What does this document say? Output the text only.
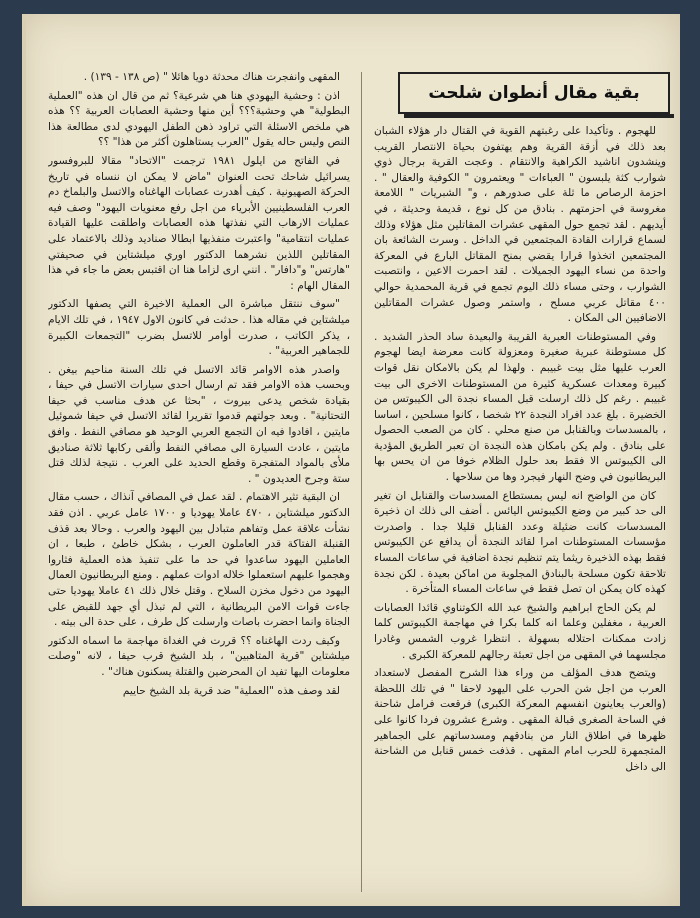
بقية مقال أنطوان شلحت

للهجوم . وتأكيدا على رغبتهم القوية في القتال دار هؤلاء الشبان بعد ذلك في أزقة القرية وهم يهتفون بحياة الانتصار القريب وينشدون اناشيد الكراهية والانتقام . وعجت القرية برجال ذوي شوارب كثة يلبسون " العباءات " ويعتمرون " الكوفية والعقال " . احزمة الرصاص ما ثلة على صدورهم ، و" الشبريات " اللامعة مغروسة في احزمتهم . بنادق من كل نوع ، قديمة وحديثة ، في أيديهم . لقد تجمع حول المقهى عشرات المقاتلين مثل هؤلاء وذلك لسماع قرارات القادة المجتمعين في الداخل . وسرت الشائعة بان المجتمعين اتخذوا قرارا يقضي بمنح المقاتل البارع في المعركة واحدة من نساء اليهود الجميلات . لقد احمرت الاعين ، وانتصبت الشوارب ، وحتى مساء ذلك اليوم تجمع في قرية المحمدية حوالي ٤٠٠ مقاتل عربي مسلح ، واستمر وصول عشرات المقاتلين الاضافيين الى المكان .

وفي المستوطنات العبرية القريبة والبعيدة ساد الحذر الشديد . كل مستوطنة عبرية صغيرة ومعزولة كانت معرضة ايضا لهجوم العرب عليها مثل بيت غبيبم . ولهذا لم يكن بالامكان نقل قوات كبيرة ومعدات عسكرية كثيرة من المستوطنات الاخرى الى بيت غبيبم . رغم كل ذلك ارسلت قبل المساء نجدة الى الكيبوتس من الخضيرة . بلغ عدد افراد النجدة ٢٢ شخصا ، كانوا مسلحين ، اساسا ، بالمسدسات وبالقنابل من صنع محلي . كان من الصعب الحصول على بنادق . ولم يكن بامكان هذه النجدة ان تعبر الطريق المؤدية الى الكيبوتس الا فقط بعد حلول الظلام خوفا من ان يحس بها البريطانيون في وضح النهار فيجرد وها من سلاحها .

كان من الواضح انه ليس بمستطاع المسدسات والقنابل ان تغير الى حد كبير من وضع الكيبوتس اليائس . أضف الى ذلك ان ذخيرة المسدسات كانت ضئيلة وعدد القنابل قليلا جدا . واصدرت مؤسسات المستوطنات امرا لقائد النجدة أن يدافع عن الكيبوتس فقط بهذه الذخيرة ريثما يتم تنظيم نجدة اضافية في ساعات المساء تلاحقة تكون مسلحة بالبنادق المجلوبة من اماكن بعيدة . لكن نجدة كهذه كان يمكن ان تصل فقط في ساعات المساء المتأخرة .

لم يكن الحاج ابراهيم والشيخ عبد الله الكوتناوي قائدا العصابات العربية ، مغفلين وعلما انه كلما بكرا في مهاجمة الكيبوتس كلما زادت ممكنات احتلاله بسهولة . انتظرا غروب الشمس وغادرا مجلسهما في المقهى من اجل تعبئة رجالهم للمعركة الكبرى .

ويتضح هدف المؤلف من وراء هذا الشرح المفصل لاستعداد العرب من اجل شن الحرب على اليهود لاحقا " في تلك اللحظة (والعرب يعاينون انفسهم المعركة الكبرى) فرقعت فرامل شاحنة في الساحة الصغرى قبالة المقهى . وشرع عشرون فردا كانوا على ظهرها في اطلاق النار من بنادقهم ومسدساتهم على الجماهير المتجمهرة للحرب امام المقهى . قذفت خمس قنابل من الشاحنة الى داخل

المقهى وانفجرت هناك محدثة دويا هائلا " (ص ١٣٨ - ١٣٩) .

اذن : وحشية اليهودي هنا هي شرعية؟ ثم من قال ان هذه "العملية البطولية" هي وحشية؟؟؟ أين منها وحشية العصابات العربية ؟؟ هذه هي ملخص الاسئلة التي تراود ذهن الطفل اليهودي لدى مطالعة هذا النص وليس حاله يقول "العرب يستاهلون أكثر من هذا" ؟؟

في الفاتح من ايلول ١٩٨١ ترجمت "الاتحاد" مقالا للبروفسور يسرائيل شاحك تحت العنوان "ماض لا يمكن ان ننساه في تاريخ الحركة الصهيونية . كيف أهدرت عصابات الهاغناه والاتسل والبلماخ دم العرب الفلسطينيين الأبرياء من اجل رفع معنويات اليهود" وصف فيه عمليات الارهاب التي نفذتها هذه العصابات واطلقت عليها القيادة عمليات انتقامية" واعتبرت منفذيها ابطالا صناديد وذلك بالاعتماد على المقاتلين اللذين نشرهما الدكتور اوري ميلشتاين في صحيفتي "هارتس" و"دافار" . انني ارى لزاما هنا ان اقتبس بعض ما جاء في هذا المقال الهام :

"سوف ننتقل مباشرة الى العملية الاخيرة التي يصفها الدكتور ميلشتاين في مقاله هذا . حدثت في كانون الاول ١٩٤٧ ، في تلك الايام ، يذكر الكاتب ، صدرت أوامر للاتسل بضرب "التجمعات الكبيرة للجماهير العربية" .

واصدر هذه الاوامر قائد الاتسل في تلك السنة مناحيم بيغن . وبحسب هذه الاوامر فقد تم ارسال احدى سيارات الاتسل في حيفا ، بقيادة شخص يدعى بيروت ، "بحثا عن هدف مناسب في حيفا التحتانية" . وبعد جولتهم قدموا تقريرا لقائد الاتسل في حيفا شموئيل مايتين ، افادوا فيه ان التجمع العربي الوحيد هو مصافي النفط . وافق مايتين ، عادت السيارة الى مصافي النفط وألقى ركابها ثلاثة صناديق ملأى بالمواد المتفجرة وقطع الحديد على العرب . نتيجة لذلك قتل ستة وجرح العديدون " .

ان البقية تثير الاهتمام . لقد عمل في المصافي آنذاك ، حسب مقال الدكتور ميلشتاين ، ٤٧٠ عاملا يهوديا و ١٧٠٠ عامل عربي . اذن فقد نشأت علاقة عمل وتفاهم متبادل بين اليهود والعرب . وحالا بعد قذف القنبلة الفتاكة قدر العاملون العرب ، بشكل خاطئ ، طبعا ، ان العاملين اليهود ساعدوا في حد ما على تنفيذ هذه العملية فثاروا وهجموا عليهم استعملوا خلاله ادوات عملهم . ومنع البريطانيون العمال اليهود من دخول مخزن السلاح . وقتل خلال ذلك ٤١ عاملا يهوديا حتى جاءت قوات الامن البريطانية ، التي لم تبذل أي جهد للقبض على الجناة وانما احضرت باصات وارسلت كل طرف ، على حدة الى بيته .

وكيف ردت الهاغناه ؟؟ قررت في الغداة مهاجمة ما اسماه الدكتور ميلشتاين "قرية المتاهبين" ، بلد الشيخ قرب حيفا ، لانه "وصلت معلومات اليها تفيد ان المحرضين والقتلة يسكنون هناك" .

لقد وصف هذه "العملية" ضد قرية بلد الشيخ حاييم
